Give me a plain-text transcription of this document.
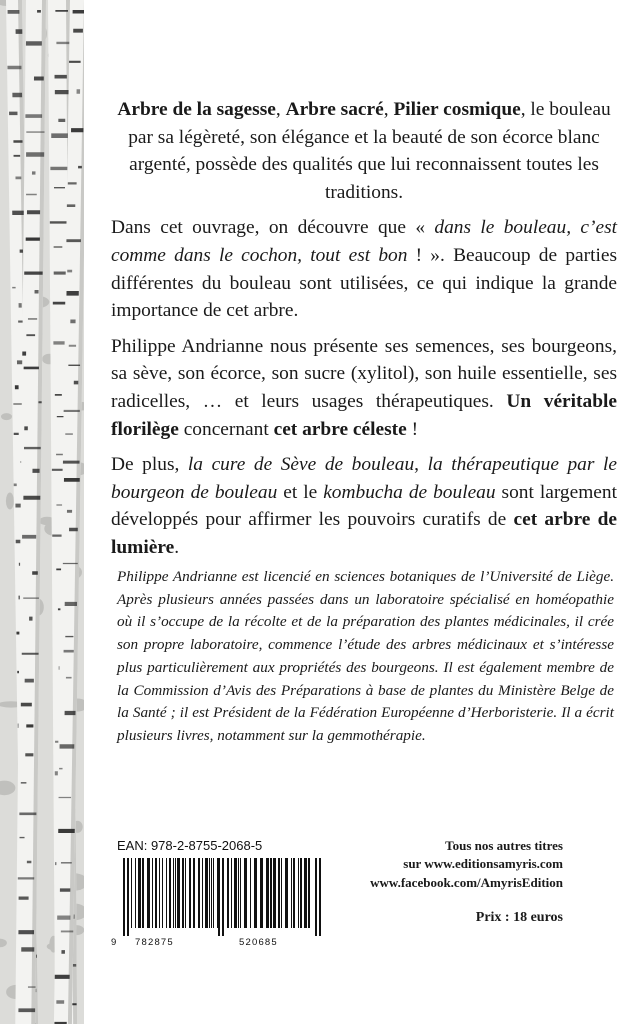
Arbre de la sagesse, Arbre sacré, Pilier cosmique, le bouleau par sa légèreté, son élégance et la beauté de son écorce blanc argenté, possède des qualités que lui reconnaissent toutes les traditions.

Dans cet ouvrage, on découvre que « dans le bouleau, c’est comme dans le cochon, tout est bon ! ». Beaucoup de parties différentes du bouleau sont utilisées, ce qui indique la grande importance de cet arbre.

Philippe Andrianne nous présente ses semences, ses bourgeons, sa sève, son écorce, son sucre (xylitol), son huile essentielle, ses radicelles, … et leurs usages thérapeutiques. Un véritable florilège concernant cet arbre céleste !

De plus, la cure de Sève de bouleau, la thérapeutique par le bourgeon de bouleau et le kombucha de bouleau sont largement développés pour affirmer les pouvoirs curatifs de cet arbre de lumière.

Philippe Andrianne est licencié en sciences botaniques de l’Université de Liège. Après plusieurs années passées dans un laboratoire spécialisé en homéopathie où il s’occupe de la récolte et de la préparation des plantes médicinales, il crée son propre laboratoire, commence l’étude des arbres médicinaux et s’intéresse plus particulièrement aux propriétés des bourgeons. Il est également membre de la Commission d’Avis des Préparations à base de plantes du Ministère Belge de la Santé ; il est Président de la Fédération Européenne d’Herboristerie. Il a écrit plusieurs livres, notamment sur la gemmothérapie.

EAN: 978-2-8755-2068-5
9 782875	520685
Tous nos autres titres
sur www.editionsamyris.com
www.facebook.com/AmyrisEdition
Prix : 18 euros
